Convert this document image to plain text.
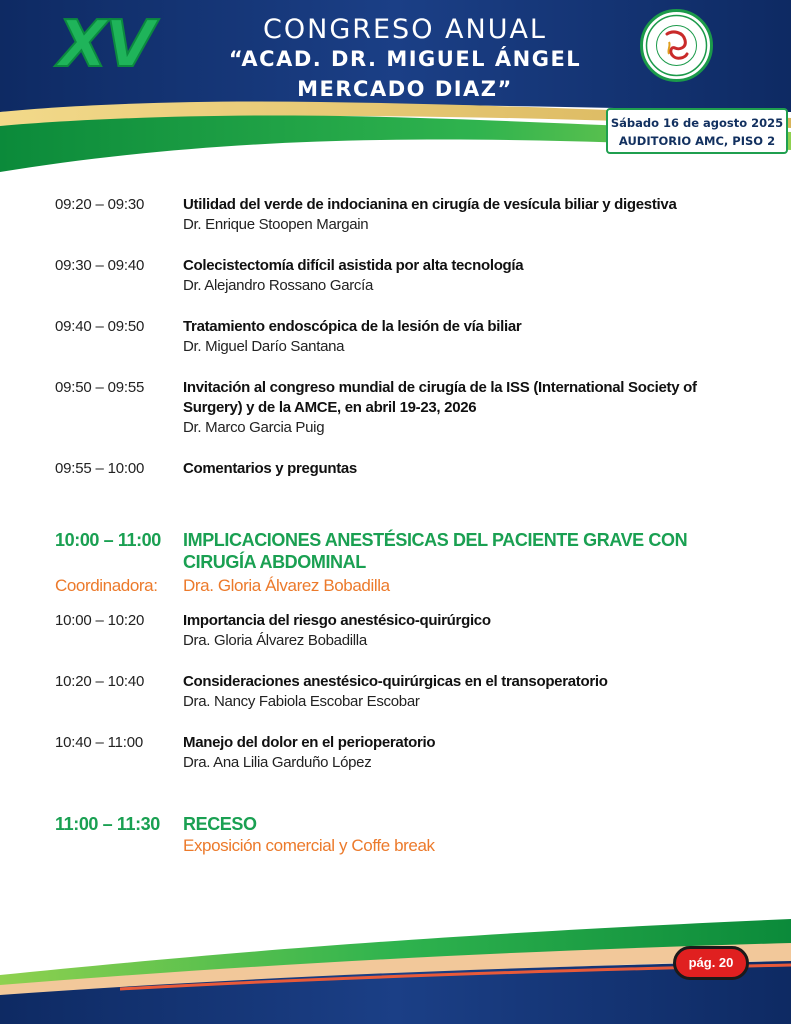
XV	CONGRESO ANUAL
“ACAD. DR. MIGUEL ÁNGEL MERCADO DIAZ”
Sábado 16 de agosto 2025
AUDITORIO AMC, PISO 2
09:20 – 09:30	Utilidad del verde de indocianina en cirugía de vesícula biliar y digestiva
Dr. Enrique Stoopen Margain
09:30 – 09:40	Colecistectomía difícil asistida por alta tecnología
Dr. Alejandro Rossano García
09:40 – 09:50	Tratamiento endoscópica de la lesión de vía biliar
Dr. Miguel Darío Santana
09:50 – 09:55	Invitación al congreso mundial de cirugía de la ISS (International Society of Surgery) y de la AMCE, en abril 19-23, 2026
Dr. Marco Garcia Puig
09:55 – 10:00	Comentarios y preguntas
10:00 – 11:00	IMPLICACIONES ANESTÉSICAS DEL PACIENTE GRAVE CON CIRUGÍA ABDOMINAL
Coordinadora:	Dra. Gloria Álvarez Bobadilla
10:00 – 10:20	Importancia del riesgo anestésico-quirúrgico
Dra. Gloria Álvarez Bobadilla
10:20 – 10:40	Consideraciones anestésico-quirúrgicas en el transoperatorio
Dra. Nancy Fabiola Escobar Escobar
10:40 – 11:00	Manejo del dolor en el perioperatorio
Dra. Ana Lilia Garduño López
11:00 – 11:30	RECESO
Exposición comercial y Coffe break
pág. 20
